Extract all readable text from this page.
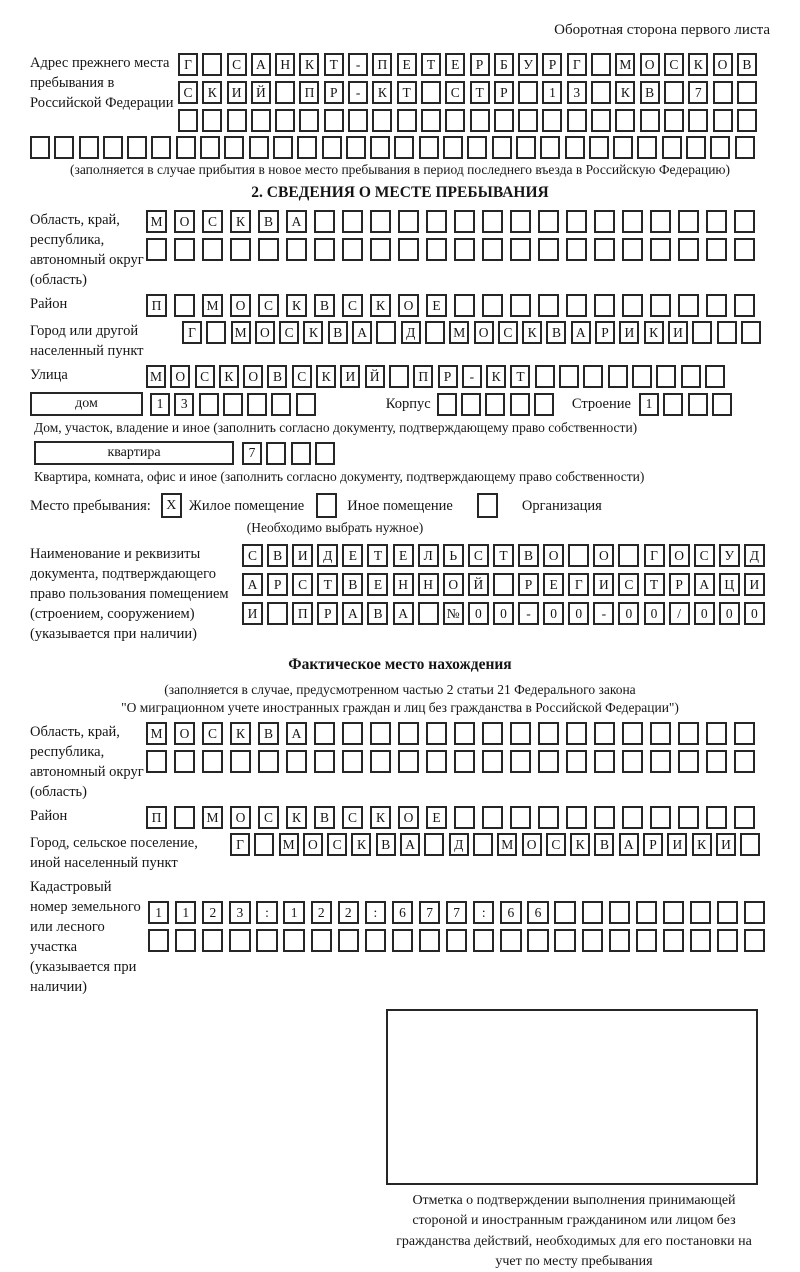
Оборотная сторона первого листа
Адрес прежнего места пребывания в Российской Федерации
Г	С	А	Н	К	Т	-	П	Е	Т	Е	Р	Б	У	Р	Г	М О	С	К	О	В
С	К	И	Й	П	Р	-	К	Т	С	Т	Р	1	3	К	В	7
(заполняется в случае прибытия в новое место пребывания в период последнего въезда в Российскую Федерацию)
2. СВЕДЕНИЯ О МЕСТЕ ПРЕБЫВАНИЯ
Область, край, республика, автономный округ (область)
М	О	С	К	В	А
Район	П	М	О	С	К	В	С	К	О	Е
Город или другой населенный пункт
Г	М О	С	К	В	А	Д	М О	С	К	В	А	Р	И	К	И
Улица	М О	С	К	О	В	С	К	И	Й	П	Р	-	К	Т
дом	1	3	Корпус	Строение	1
Дом, участок, владение и иное (заполнить согласно документу, подтверждающему право собственности)
квартира	7
Квартира, комната, офис и иное (заполнить согласно документу, подтверждающему право собственности)
Место пребывания:	X Жилое помещение	Иное помещение	Организация
(Необходимо выбрать нужное)
Наименование и реквизиты документа, подтверждающего право пользования помещением (строением, сооружением) (указывается при наличии)
С	В	И	Д	Е	Т	Е	Л	Ь	С	Т	В	О	О	Г	О	С	У	Д
А	Р	С	Т	В	Е	Н	Н	О	Й	Р	Е	Г	И	С	Т	Р	А	Ц	И
И	П	Р	А	В	А	№	0	0	-	0	0	-	0	0	/	0	0	0
Фактическое место нахождения
(заполняется в случае, предусмотренном частью 2 статьи 21 Федерального закона
"О миграционном учете иностранных граждан и лиц без гражданства в Российской Федерации")
Область, край, республика, автономный округ (область)
М	О	С	К	В	А
Район	П	М	О	С	К	В	С	К	О	Е
Город, сельское поселение, иной населенный пункт
Г	М О	С	К	В	А	Д	М О	С	К	В	А	Р	И	К	И
Кадастровый номер земельного или лесного участка (указывается при наличии)
1	1	2	3	:	1	2	2	:	6	7	7	:	6	6
Отметка о подтверждении выполнения принимающей стороной и иностранным гражданином или лицом без гражданства действий, необходимых для его постановки на учет по месту пребывания
